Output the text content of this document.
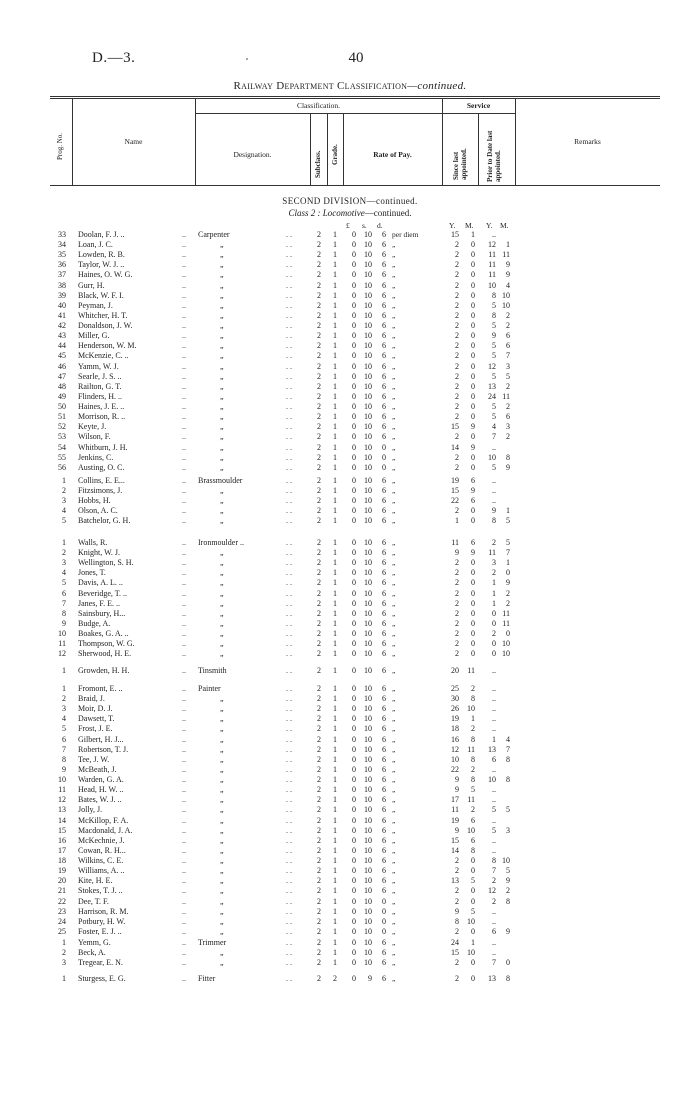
D.—3.	40
Railway Department Classification—continued.
Prog. No.	Name
Classification.	Service
Designation.	Subclass. Grade.	Rate of Pay.	Since last appointed.	Prior to Date last appointed.
Remarks
SECOND DIVISION—continued.
Class 2 : Locomotive—continued.
£ s. d.	Y. M. Y. M.
33 Doolan, F. J. ..	.. Carpenter	. .	2	1	0	10	6 per diem	15	1	..
34 Loan, J. C.	..	„	. .	2	1	0	10	6 „	2	0	12	1
35 Lowden, R. B.	..	„	. .	2	1	0	10	6 „	2	0	11 11
36 Taylor, W. J. ..	..	„	. .	2	1	0	10	6 „	2	0	11	9
37 Haines, O. W. G.	..	„	. .	2	1	0	10	6 „	2	0	11	9
38 Gurr, H.	..	„	. .	2	1	0	10	6 „	2	0	10	4
39 Black, W. F. I.	..	„	. .	2	1	0	10	6 „	2	0	8 10
40 Peyman, J.	..	„	. .	2	1	0	10	6 „	2	0	5 10
41 Whitcher, H. T.	..	„	. .	2	1	0	10	6 „	2	0	8	2
42 Donaldson, J. W.	..	„	. .	2	1	0	10	6 „	2	0	5	2
43 Miller, G.	..	„	. .	2	1	0	10	6 „	2	0	9	6
44 Henderson, W. M.	..	„	. .	2	1	0	10	6 „	2	0	5	6
45 McKenzie, C. ..	..	„	. .	2	1	0	10	6 „	2	0	5	7
46 Yamm, W. J.	..	„	. .	2	1	0	10	6 „	2	0	12	3
47 Searle, J. S. ..	..	„	. .	2	1	0	10	6 „	2	0	5	5
48 Railton, G. T.	..	„	. .	2	1	0	10	6 „	2	0	13	2
49 Flinders, H. ..	..	„	. .	2	1	0	10	6 „	2	0	24 11
50 Haines, J. E. ..	..	„	. .	2	1	0	10	6 „	2	0	5	2
51 Morrison, R. ..	..	„	. .	2	1	0	10	6 „	2	0	5	6
52 Keyte, J.	..	„	. .	2	1	0	10	6 „	15	9	4	3
53 Wilson, F.	..	„	. .	2	1	0	10	6 „	2	0	7	2
54 Whitburn, J. H.	..	„	. .	2	1	0	10	0 „	14	9	..
55 Jenkins, C.	..	„	. .	2	1	0	10	0 „	2	0	10	8
56 Austing, O. C.	..	„	. .	2	1	0	10	0 „	2	0	5	9
1 Collins, E. E...	.. Brassmoulder	. .	2	1	0	10	6 „	19	6	..
2 Fitzsimons, J.	..	„	. .	2	1	0	10	6 „	15	9	..
3 Hobbs, H.	..	„	. .	2	1	0	10	6 „	22	6	..
4 Olson, A. C.	..	„	. .	2	1	0	10	6 „	2	0	9	1
5 Batchelor, G. H.	..	„	. .	2	1	0	10	6 „	1	0	8	5
1 Walls, R.	.. Ironmoulder ..	. .	2	1	0	10	6 „	11	6	2	5
2 Knight, W. J.	..	„	. .	2	1	0	10	6 „	9	9	11	7
3 Wellington, S. H.	..	„	. .	2	1	0	10	6 „	2	0	3	1
4 Jones, T.	..	„	. .	2	1	0	10	6 „	2	0	2	0
5 Davis, A. L. ..	..	„	. .	2	1	0	10	6 „	2	0	1	9
6 Beveridge, T. ..	..	„	. .	2	1	0	10	6 „	2	0	1	2
7 Janes, F. E. ..	..	„	. .	2	1	0	10	6 „	2	0	1	2
8 Sainsbury, H...	..	„	. .	2	1	0	10	6 „	2	0	0 11
9 Budge, A.	..	„	. .	2	1	0	10	6 „	2	0	0 11
10 Boakes, G. A. ..	..	„	. .	2	1	0	10	6 „	2	0	2	0
11 Thompson, W. G.	..	„	. .	2	1	0	10	6 „	2	0	0 10
12 Sherwood, H. E.	..	„	. .	2	1	0	10	6 „	2	0	0 10
1 Growden, H. H.	.. Tinsmith	. .	2	1	0	10	6 „	20	11	..
1 Fromont, E. ..	.. Painter	. .	2	1	0	10	6 „	25	2	..
2 Braid, J.	..	„	. .	2	1	0	10	6 „	30	8	..
3 Moir, D. J.	..	„	. .	2	1	0	10	6 „	26	10	..
4 Dawsett, T.	..	„	. .	2	1	0	10	6 „	19	1	..
5 Frost, J. E.	..	„	. .	2	1	0	10	6 „	18	2	..
6 Gilbert, H. J...	..	„	. .	2	1	0	10	6 „	16	8	1	4
7 Robertson, T. J.	..	„	. .	2	1	0	10	6 „	12	11	13	7
8 Tee, J. W.	..	„	. .	2	1	0	10	6 „	10	8	6	8
9 McBeath, J.	..	„	. .	2	1	0	10	6 „	22	2	..
10 Warden, G. A.	..	„	. .	2	1	0	10	6 „	9	8	10	8
11 Head, H. W. ..	..	„	. .	2	1	0	10	6 „	9	5	..
12 Bates, W. J. ..	..	„	. .	2	1	0	10	6 „	17	11	..
13 Jolly, J.	..	„	. .	2	1	0	10	6 „	11	2	5	5
14 McKillop, F. A.	..	„	. .	2	1	0	10	6 „	19	6	..
15 Macdonald, J. A.	..	„	. .	2	1	0	10	6 „	9	10	5	3
16 McKechnie, J.	..	„	. .	2	1	0	10	6 „	15	6	..
17 Cowan, R. H...	..	„	. .	2	1	0	10	6 „	14	8	..
18 Wilkins, C. E.	..	„	. .	2	1	0	10	6 „	2	0	8 10
19 Williams, A. ..	..	„	. .	2	1	0	10	6 „	2	0	7	5
20 Kite, H. E.	..	„	. .	2	1	0	10	6 „	13	5	2	9
21 Stokes, T. J. ..	..	„	. .	2	1	0	10	6 „	2	0	12	2
22 Dee, T. F.	..	„	. .	2	1	0	10	0 „	2	0	2	8
23 Harrison, R. M.	..	„	. .	2	1	0	10	0 „	9	5	..
24 Potbury, H. W.	..	„	. .	2	1	0	10	0 „	8	10	..
25 Foster, E. J. ..	..	„	. .	2	1	0	10	0 „	2	0	6	9
1 Yemm, G.	.. Trimmer	. .	2	1	0	10	6 „	24	1	..
2 Beck, A.	..	„	. .	2	1	0	10	6 „	15	10	..
3 Tregear, E. N.	..	„	. .	2	1	0	10	6 „	2	0	7	0
1 Sturgess, E. G.	.. Fitter	. .	2	2	0	9	6 „	2	0	13	8
